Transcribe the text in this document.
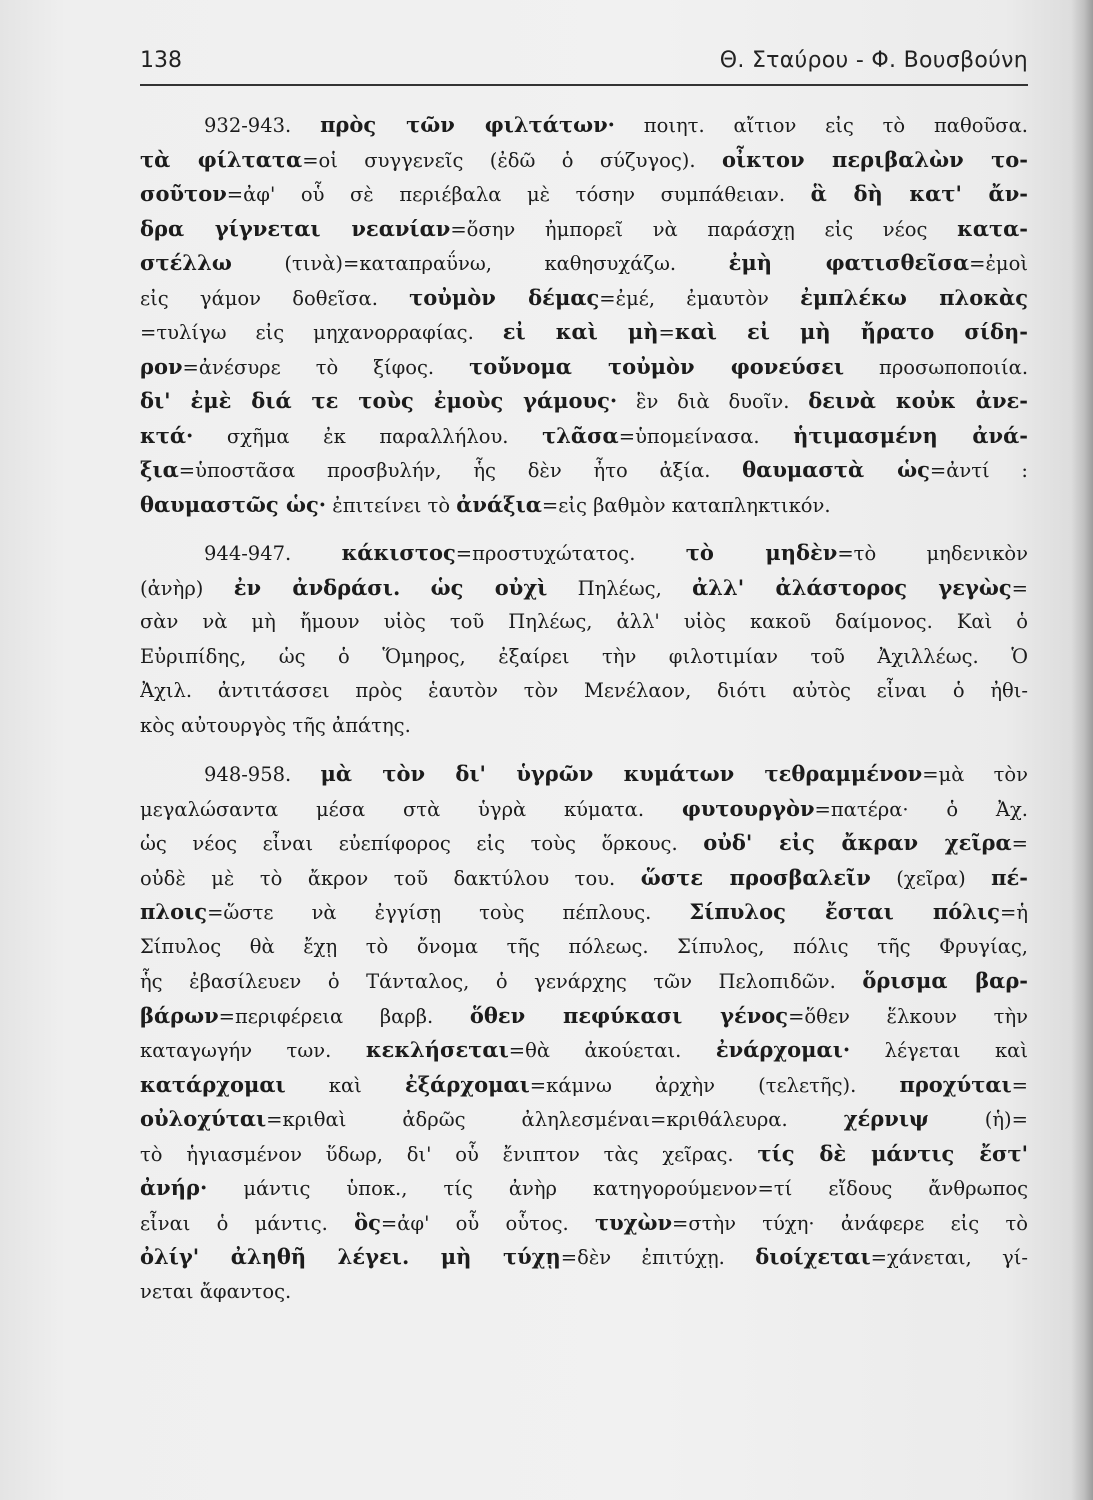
138	Θ. Σταύρου - Φ. Βουσβούνη
932-943. πρὸς τῶν φιλτάτων· ποιητ. αἴτιον εἰς τὸ παθοῦσα.
τὰ φίλτατα=οἱ συγγενεῖς (ἐδῶ ὁ σύζυγος). οἶκτον περιβαλὼν το-
σοῦτον=ἀφ' οὗ σὲ περιέβαλα μὲ τόσην συμπάθειαν. ἃ δὴ κατ' ἄν-
δρα γίγνεται νεανίαν=ὅσην ἠμπορεῖ νὰ παράσχῃ εἰς νέος κατα-
στέλλω (τινὰ)=καταπραΰνω, καθησυχάζω. ἐμὴ φατισθεῖσα=ἐμοὶ
εἰς γάμον δοθεῖσα. τοὐμὸν δέμας=ἐμέ, ἐμαυτὸν ἐμπλέκω πλοκὰς
=τυλίγω εἰς μηχανορραφίας. εἰ καὶ μὴ=καὶ εἰ μὴ ἤρατο σίδη-
ρον=ἀνέσυρε τὸ ξίφος. τοὔνομα τοὐμὸν φονεύσει προσωποποιία.
δι' ἐμὲ διά τε τοὺς ἐμοὺς γάμους· ἓν διὰ δυοῖν. δεινὰ κοὐκ ἀνε-
κτά· σχῆμα ἐκ παραλλήλου. τλᾶσα=ὑπομείνασα. ἡτιμασμένη ἀνά-
ξια=ὑποστᾶσα προσβυλήν, ἧς δὲν ἦτο ἀξία. θαυμαστὰ ὡς=ἀντί :
θαυμαστῶς ὡς· ἐπιτείνει τὸ ἀνάξια=εἰς βαθμὸν καταπληκτικόν.
944-947. κάκιστος=προστυχώτατος. τὸ μηδὲν=τὸ μηδενικὸν
(ἀνὴρ) ἐν ἀνδράσι. ὡς οὐχὶ Πηλέως, ἀλλ' ἀλάστορος γεγὼς=
σὰν νὰ μὴ ἤμουν υἱὸς τοῦ Πηλέως, ἀλλ' υἱὸς κακοῦ δαίμονος. Καὶ ὁ
Εὐριπίδης, ὡς ὁ Ὅμηρος, ἐξαίρει τὴν φιλοτιμίαν τοῦ Ἀχιλλέως. Ὁ
Ἀχιλ. ἀντιτάσσει πρὸς ἑαυτὸν τὸν Μενέλαον, διότι αὐτὸς εἶναι ὁ ἠθι-
κὸς αὐτουργὸς τῆς ἀπάτης.
948-958. μὰ τὸν δι' ὑγρῶν κυμάτων τεθραμμένον=μὰ τὸν
μεγαλώσαντα μέσα στὰ ὑγρὰ κύματα. φυτουργὸν=πατέρα· ὁ Ἀχ.
ὡς νέος εἶναι εὐεπίφορος εἰς τοὺς ὅρκους. οὐδ' εἰς ἄκραν χεῖρα=
οὐδὲ μὲ τὸ ἄκρον τοῦ δακτύλου του. ὥστε προσβαλεῖν (χεῖρα) πέ-
πλοις=ὥστε νὰ ἐγγίσῃ τοὺς πέπλους. Σίπυλος ἔσται πόλις=ἡ
Σίπυλος θὰ ἔχῃ τὸ ὄνομα τῆς πόλεως. Σίπυλος, πόλις τῆς Φρυγίας,
ἧς ἐβασίλευεν ὁ Τάνταλος, ὁ γενάρχης τῶν Πελοπιδῶν. ὅρισμα βαρ-
βάρων=περιφέρεια βαρβ. ὅθεν πεφύκασι γένος=ὅθεν ἕλκουν τὴν
καταγωγήν των. κεκλήσεται=θὰ ἀκούεται. ἐνάρχομαι· λέγεται καὶ
κατάρχομαι καὶ ἐξάρχομαι=κάμνω ἀρχὴν (τελετῆς). προχύται=
οὐλοχύται=κριθαὶ ἀδρῶς ἀληλεσμέναι=κριθάλευρα. χέρνιψ (ἡ)=
τὸ ἡγιασμένον ὕδωρ, δι' οὗ ἔνιπτον τὰς χεῖρας. τίς δὲ μάντις ἔστ'
ἀνήρ· μάντις ὑποκ., τίς ἀνὴρ κατηγορούμενον=τί εἴδους ἄνθρωπος
εἶναι ὁ μάντις. ὃς=ἀφ' οὗ οὗτος. τυχὼν=στὴν τύχη· ἀνάφερε εἰς τὸ
ὀλίγ' ἀληθῆ λέγει. μὴ τύχῃ=δὲν ἐπιτύχῃ. διοίχεται=χάνεται, γί-
νεται ἄφαντος.
